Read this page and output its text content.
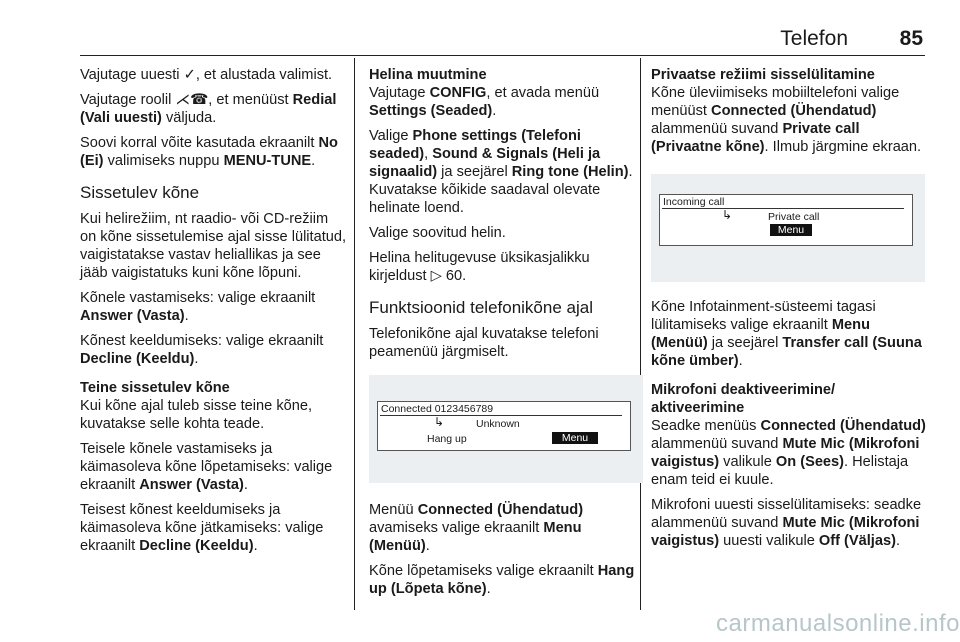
Telefon 85

Vajutage uuesti ✓, et alustada valimist.

Vajutage roolil ⋌☎, et menüüst Redial (Vali uuesti) väljuda.

Soovi korral võite kasutada ekraanilt No (Ei) valimiseks nuppu MENU-TUNE.

Sissetulev kõne

Kui helirežiim, nt raadio- või CD-režiim on kõne sissetulemise ajal sisse lülitatud, vaigistatakse vastav heliallikas ja see jääb vaigistatuks kuni kõne lõpuni.

Kõnele vastamiseks: valige ekraanilt Answer (Vasta).

Kõnest keeldumiseks: valige ekraanilt Decline (Keeldu).

Teine sissetulev kõne

Kui kõne ajal tuleb sisse teine kõne, kuvatakse selle kohta teade.

Teisele kõnele vastamiseks ja käimasoleva kõne lõpetamiseks: valige ekraanilt Answer (Vasta).

Teisest kõnest keeldumiseks ja käimasoleva kõne jätkamiseks: valige ekraanilt Decline (Keeldu).

Helina muutmine

Vajutage CONFIG, et avada menüü Settings (Seaded).

Valige Phone settings (Telefoni seaded), Sound & Signals (Heli ja signaalid) ja seejärel Ring tone (Helin). Kuvatakse kõikide saadaval olevate helinate loend.

Valige soovitud helin.

Helina helitugevuse üksikasjalikku kirjeldust ▷ 60.

Funktsioonid telefonikõne ajal

Telefonikõne ajal kuvatakse telefoni peamenüü järgmiselt.

Connected 0123456789
↳	Unknown
Hang up	Menu

Menüü Connected (Ühendatud) avamiseks valige ekraanilt Menu (Menüü).

Kõne lõpetamiseks valige ekraanilt Hang up (Lõpeta kõne).

Privaatse režiimi sisselülitamine

Kõne üleviimiseks mobiiltelefoni valige menüüst Connected (Ühendatud) alammenüü suvand Private call (Privaatne kõne). Ilmub järgmine ekraan.

Incoming call
↳	Private call
Menu

Kõne Infotainment-süsteemi tagasi lülitamiseks valige ekraanilt Menu (Menüü) ja seejärel Transfer call (Suuna kõne ümber).

Mikrofoni deaktiveerimine/ aktiveerimine

Seadke menüüs Connected (Ühendatud) alammenüü suvand Mute Mic (Mikrofoni vaigistus) valikule On (Sees). Helistaja enam teid ei kuule.

Mikrofoni uuesti sisselülitamiseks: seadke alammenüü suvand Mute Mic (Mikrofoni vaigistus) uuesti valikule Off (Väljas).

carmanualsonline.info
